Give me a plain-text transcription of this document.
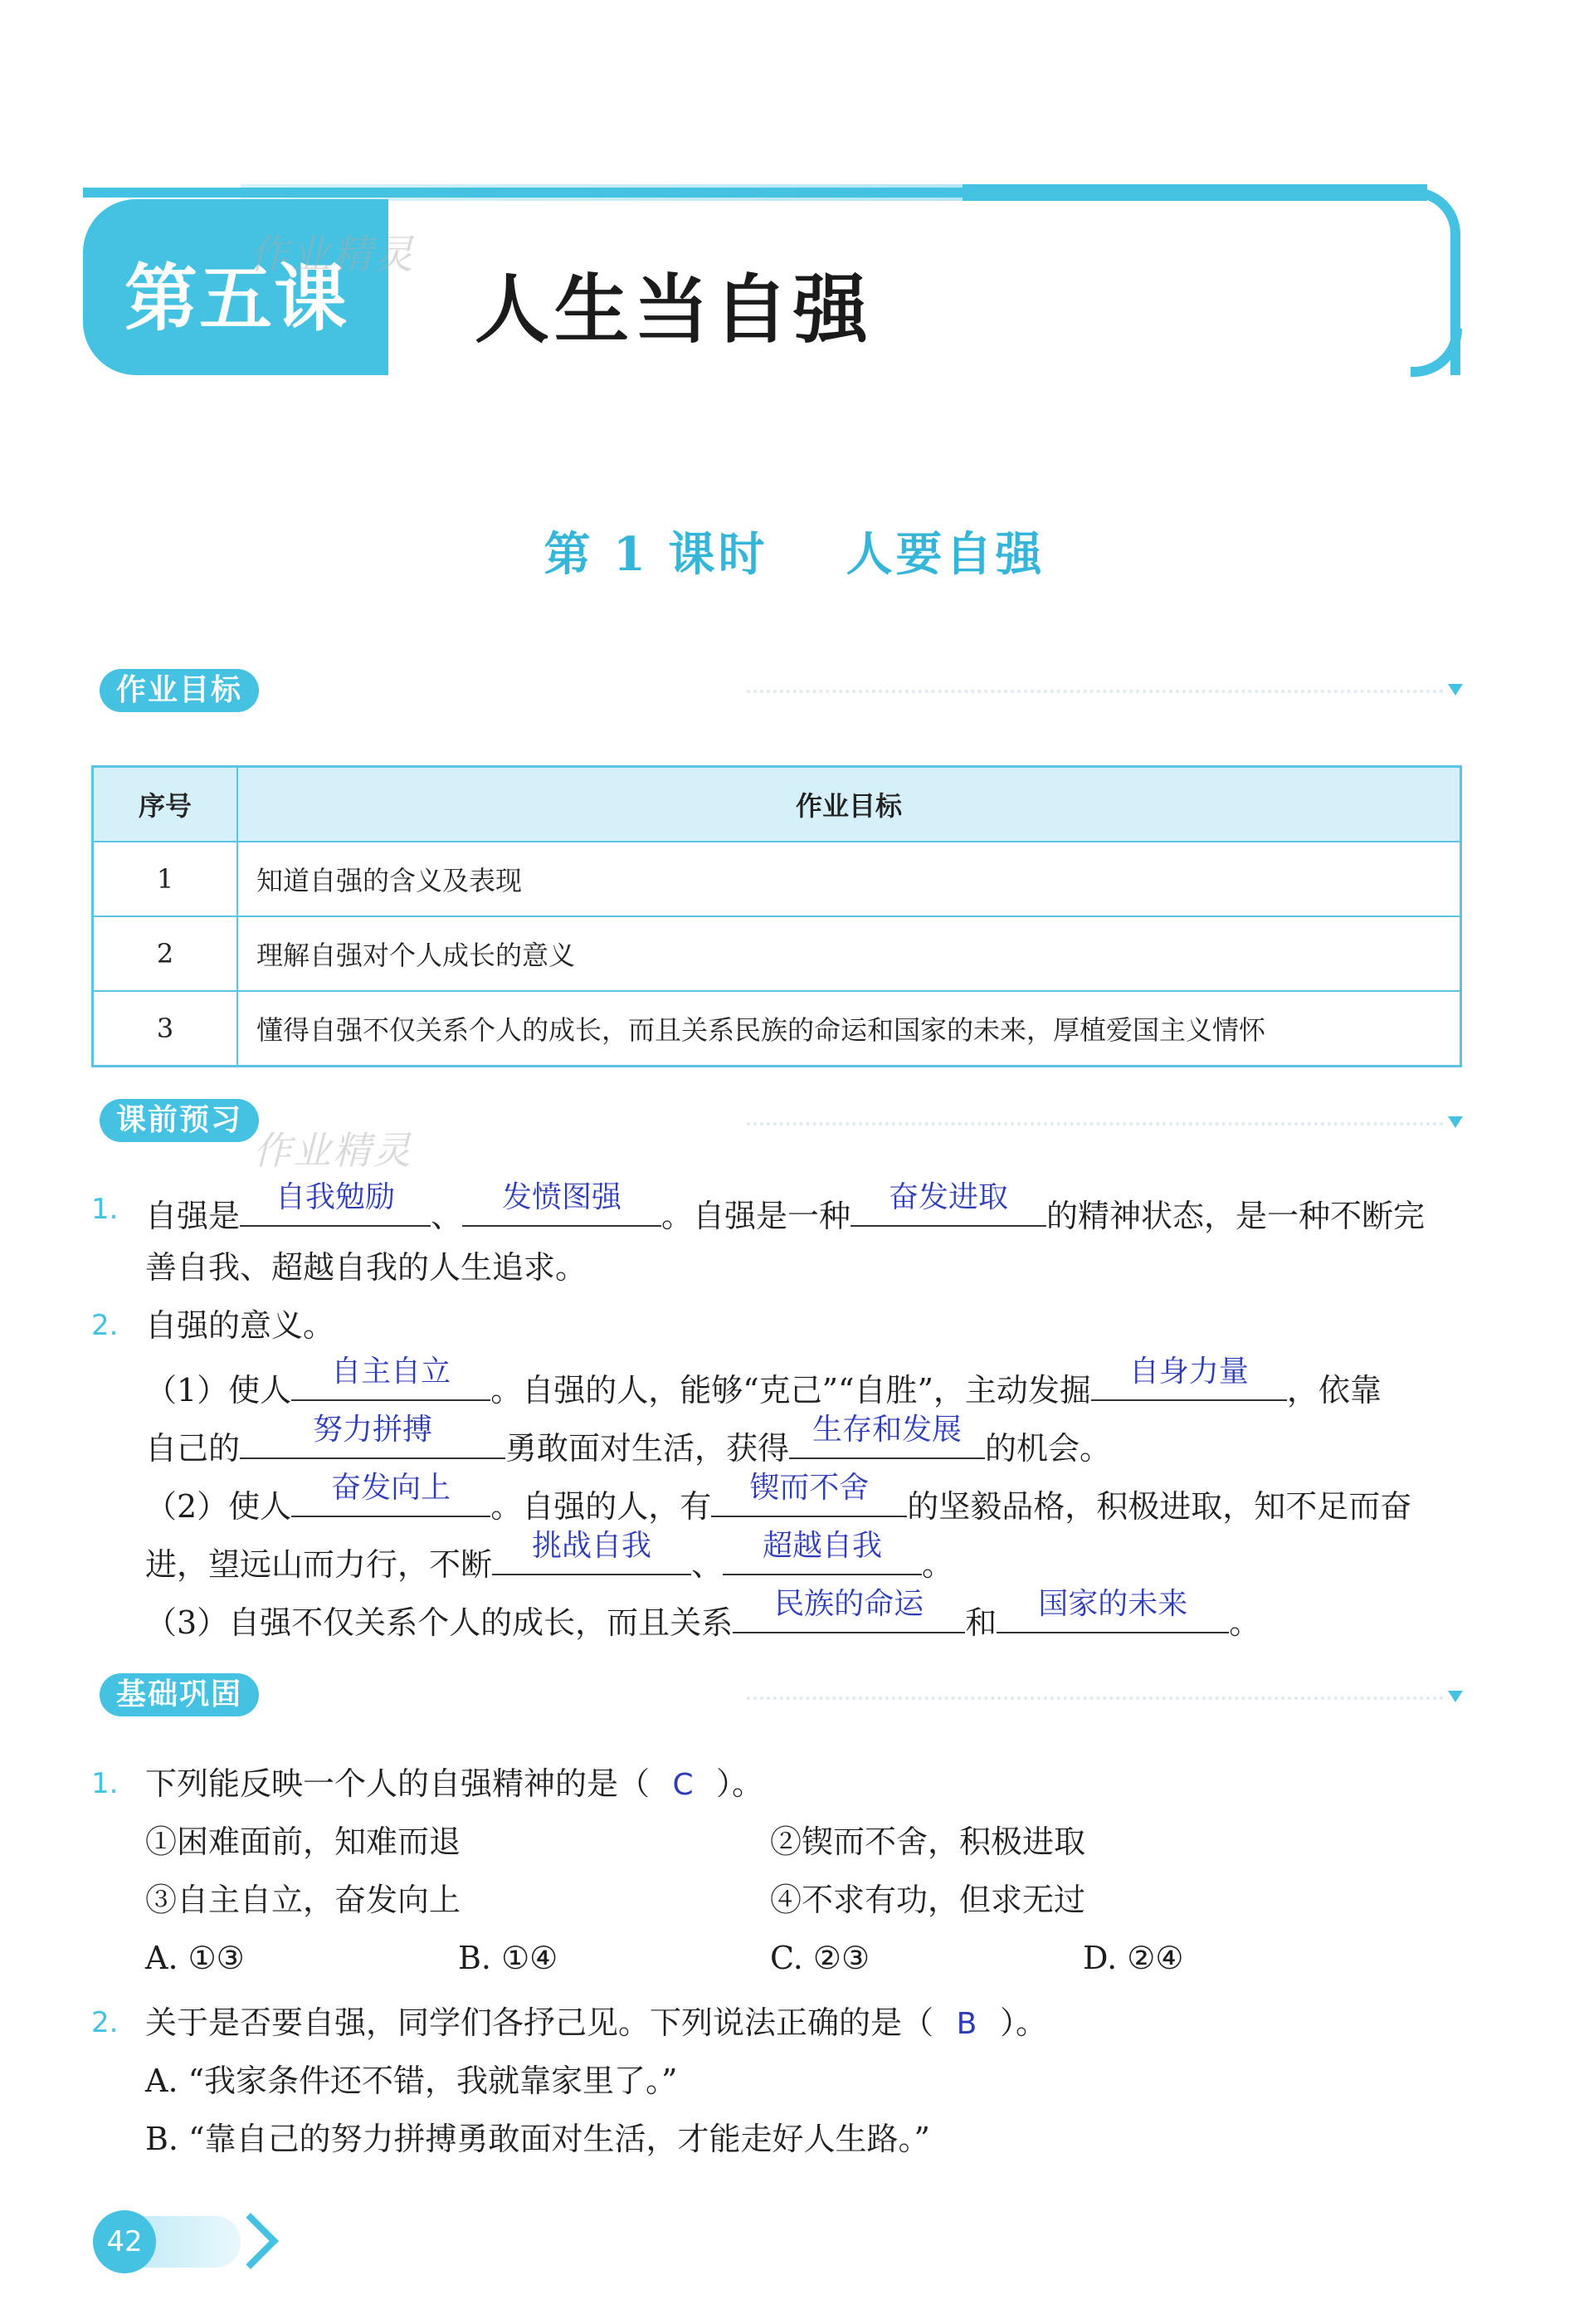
第五课
作业精灵
人生当自强
第 1 课时    人要自强
作业目标
序号	作业目标
1	知道自强的含义及表现
2	理解自强对个人成长的意义
3	懂得自强不仅关系个人的成长，而且关系民族的命运和国家的未来，厚植爱国主义情怀
课前预习
作业精灵
1. 自强是
自我勉励
、
发愤图强
。自强是一种
奋发进取
的精神状态，是一种不断完
善自我、超越自我的人生追求。
2. 自强的意义。
（1）使人
自主自立
。自强的人，能够“克己”“自胜”，主动发掘
自身力量
，依靠
自己的
努力拼搏
勇敢面对生活，获得
生存和发展
的机会。
（2）使人
奋发向上
。自强的人，有
锲而不舍
的坚毅品格，积极进取，知不足而奋
进，望远山而力行，不断
挑战自我
、
超越自我
。
（3）自强不仅关系个人的成长，而且关系
民族的命运
和
国家的未来
。
基础巩固
1. 下列能反映一个人的自强精神的是（ C ）。
①困难面前，知难而退	②锲而不舍，积极进取
③自主自立，奋发向上	④不求有功，但求无过
A. ①③	B. ①④	C. ②③	D. ②④
2. 关于是否要自强，同学们各抒己见。下列说法正确的是（ B ）。
A. “我家条件还不错，我就靠家里了。”
B. “靠自己的努力拼搏勇敢面对生活，才能走好人生路。”
42
